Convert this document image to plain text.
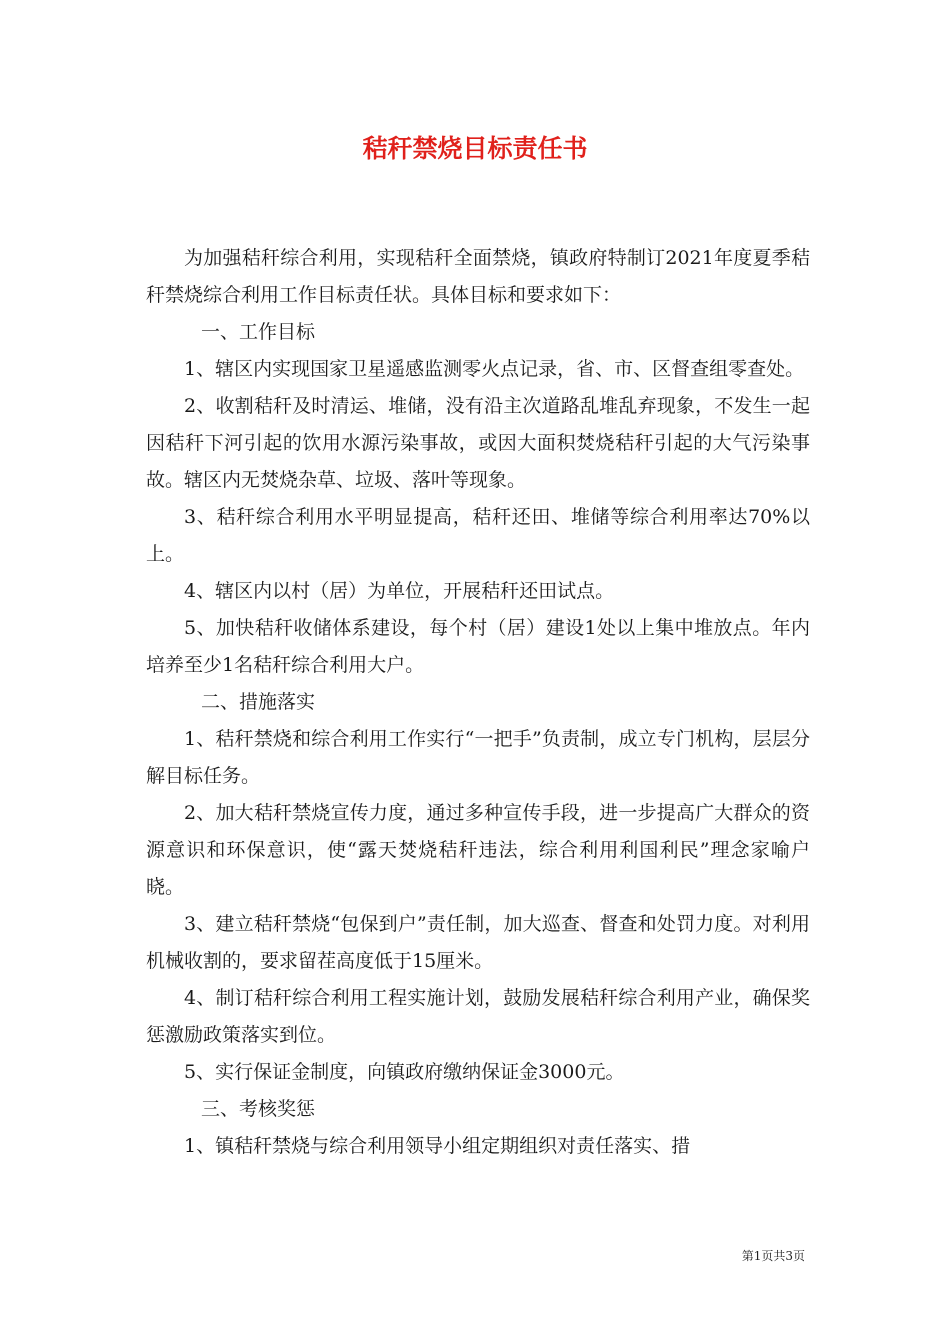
秸秆禁烧目标责任书

为加强秸秆综合利用，实现秸秆全面禁烧，镇政府特制订2021年度夏季秸秆禁烧综合利用工作目标责任状。具体目标和要求如下：

一、工作目标

1、辖区内实现国家卫星遥感监测零火点记录，省、市、区督查组零查处。

2、收割秸秆及时清运、堆储，没有沿主次道路乱堆乱弃现象，不发生一起因秸秆下河引起的饮用水源污染事故，或因大面积焚烧秸秆引起的大气污染事故。辖区内无焚烧杂草、垃圾、落叶等现象。

3、秸秆综合利用水平明显提高，秸秆还田、堆储等综合利用率达70%以上。

4、辖区内以村（居）为单位，开展秸秆还田试点。

5、加快秸秆收储体系建设，每个村（居）建设1处以上集中堆放点。年内培养至少1名秸秆综合利用大户。

二、措施落实

1、秸秆禁烧和综合利用工作实行“一把手”负责制，成立专门机构，层层分解目标任务。

2、加大秸秆禁烧宣传力度，通过多种宣传手段，进一步提高广大群众的资源意识和环保意识，使“露天焚烧秸秆违法，综合利用利国利民”理念家喻户晓。

3、建立秸秆禁烧“包保到户”责任制，加大巡查、督查和处罚力度。对利用机械收割的，要求留茬高度低于15厘米。

4、制订秸秆综合利用工程实施计划，鼓励发展秸秆综合利用产业，确保奖惩激励政策落实到位。

5、实行保证金制度，向镇政府缴纳保证金3000元。

三、考核奖惩

1、镇秸秆禁烧与综合利用领导小组定期组织对责任落实、措

第1页共3页
